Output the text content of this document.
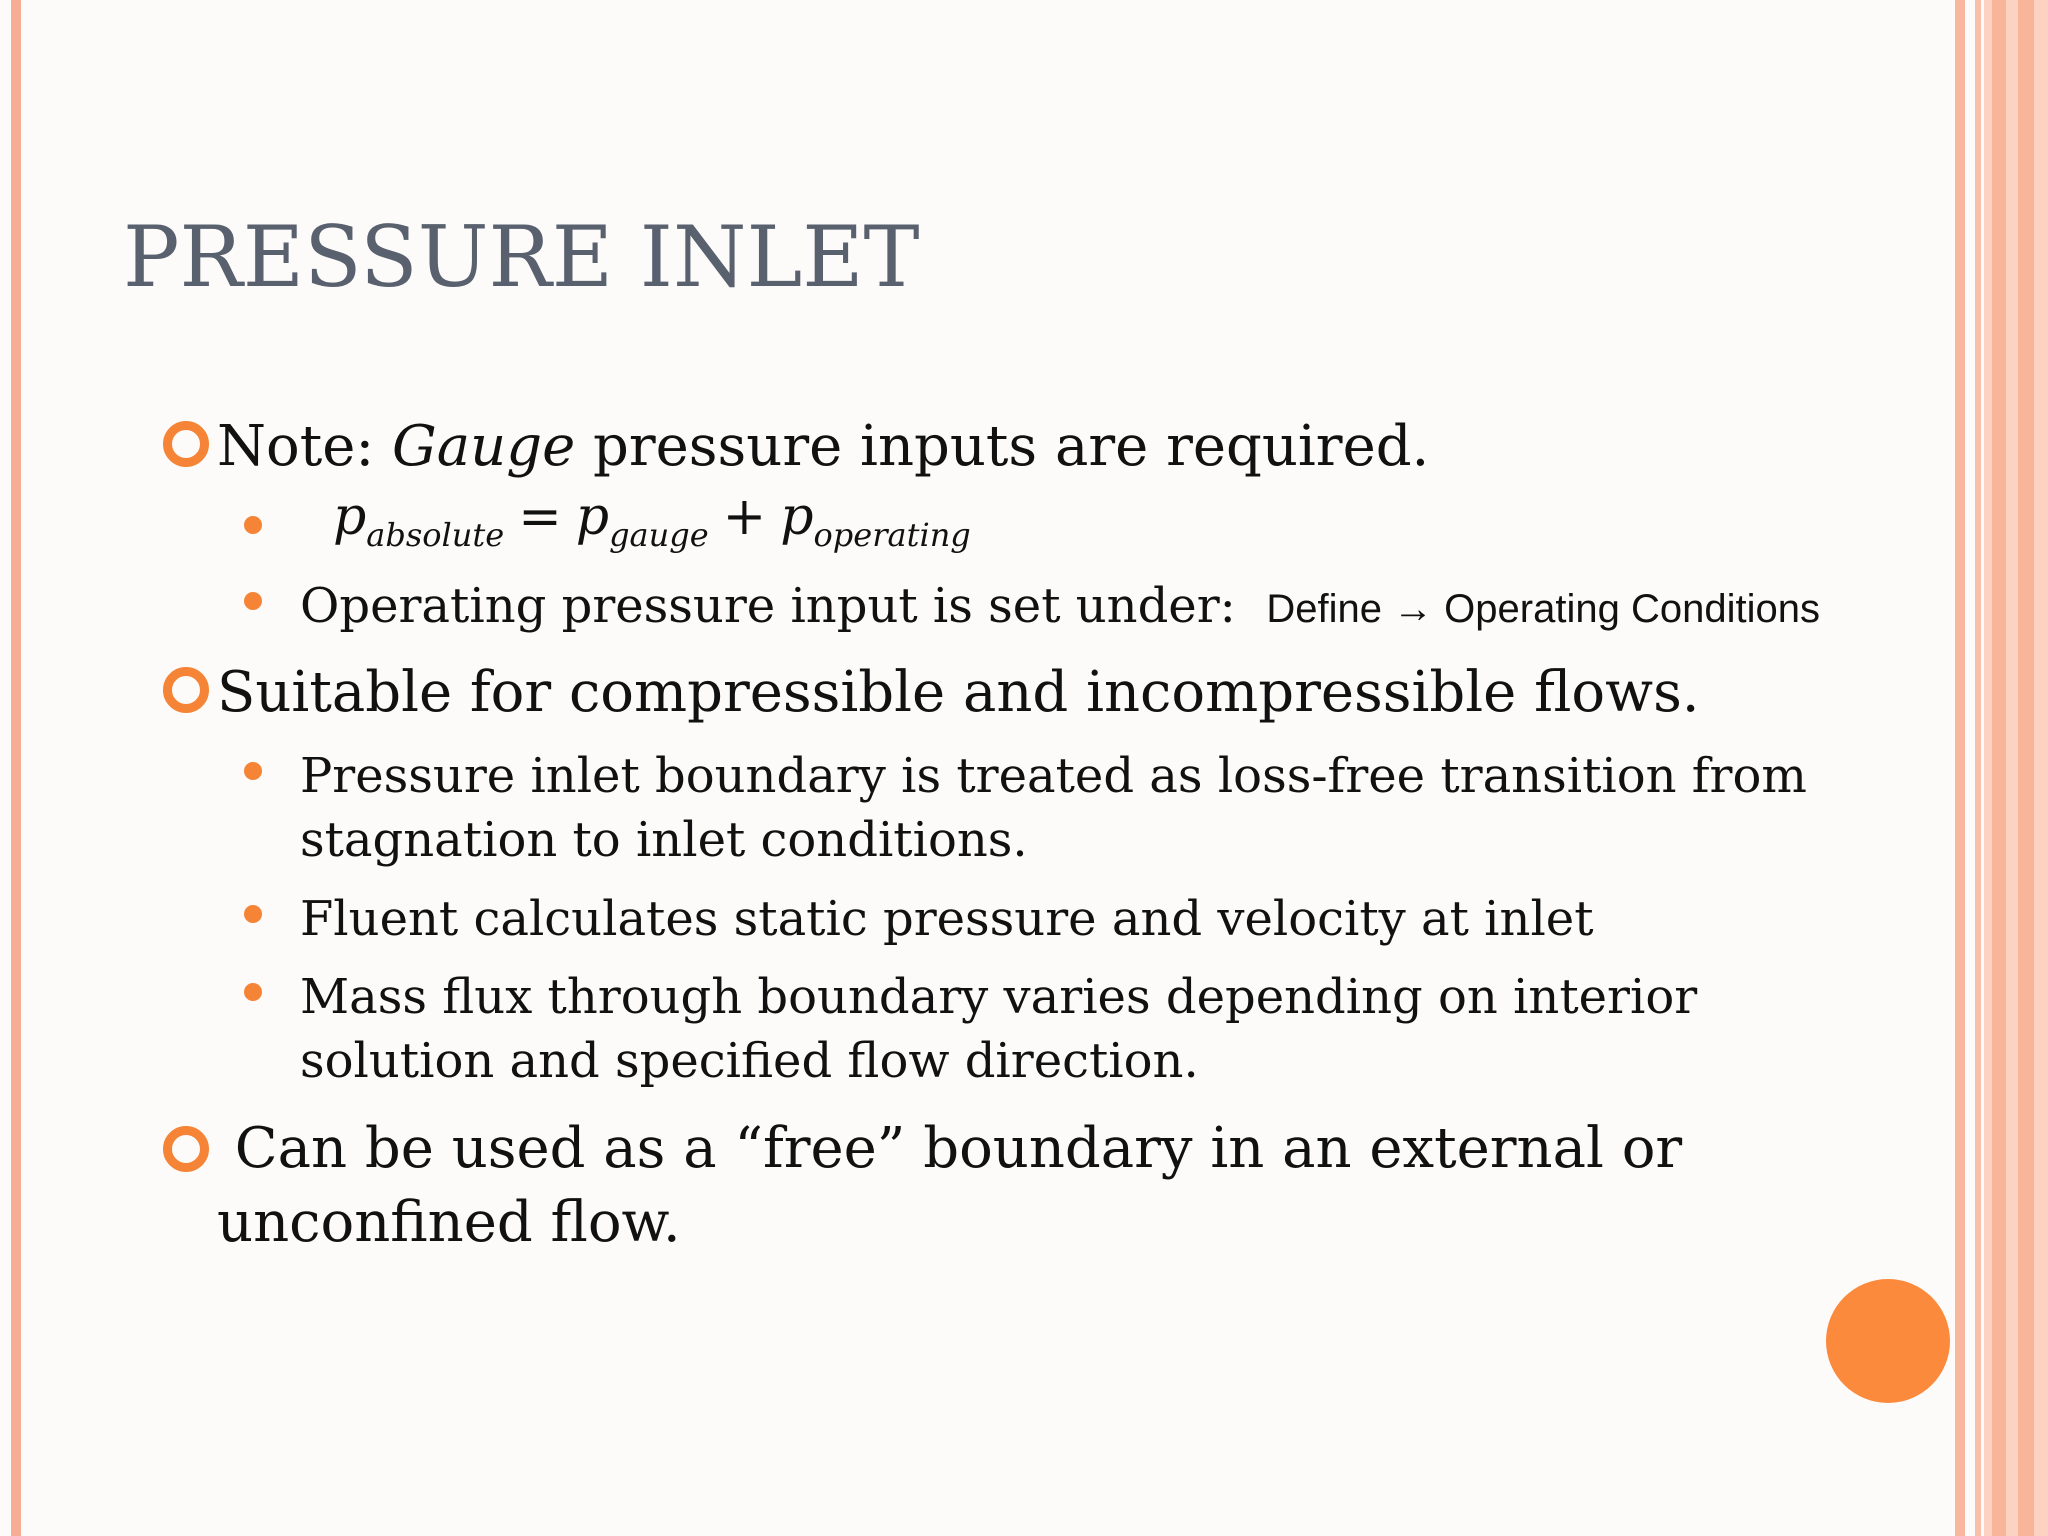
PRESSURE INLET
Note: Gauge pressure inputs are required.
$p_{absolute} = p_{gauge} + p_{operating}$
Operating pressure input is set under: Define → Operating Conditions
Suitable for compressible and incompressible flows.
Pressure inlet boundary is treated as loss-free transition from
stagnation to inlet conditions.
Fluent calculates static pressure and velocity at inlet
Mass flux through boundary varies depending on interior
solution and specified flow direction.
Can be used as a “free” boundary in an external or
unconfined flow.
